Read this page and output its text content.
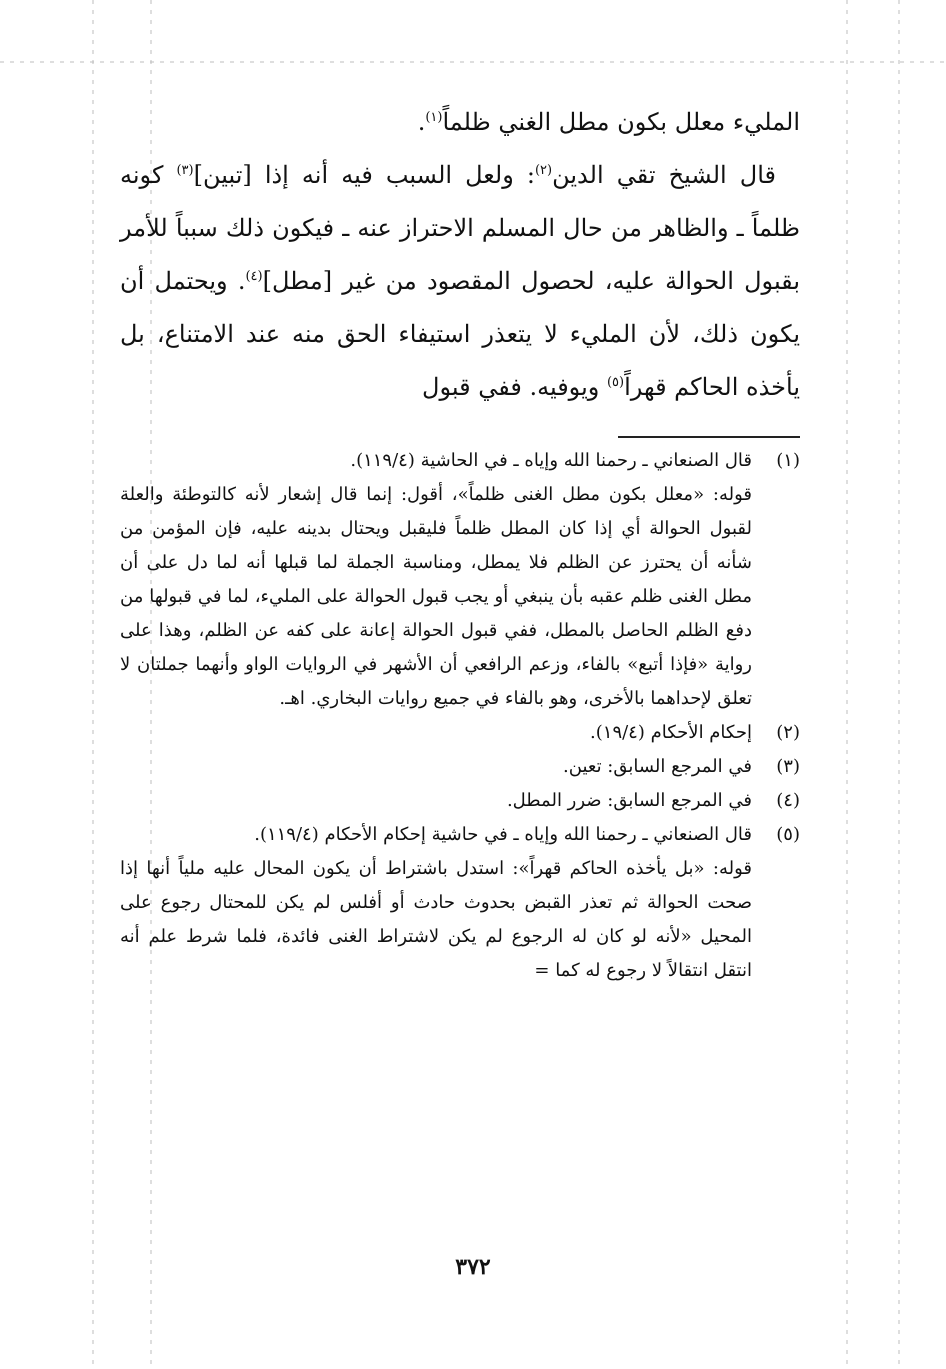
المليء معلل بكون مطل الغني ظلماً$^{(١)}$.

قال الشيخ تقي الدين$^{(٢)}$: ولعل السبب فيه أنه إذا [تبين]$^{(٣)}$ كونه ظلماً ـ والظاهر من حال المسلم الاحتراز عنه ـ فيكون ذلك سبباً للأمر بقبول الحوالة عليه، لحصول المقصود من غير [مطل]$^{(٤)}$. ويحتمل أن يكون ذلك، لأن المليء لا يتعذر استيفاء الحق منه عند الامتناع، بل يأخذه الحاكم قهراً$^{(٥)}$ ويوفيه. ففي قبول

(١)

قال الصنعاني ـ رحمنا الله وإياه ـ في الحاشية (١١٩/٤).

قوله: «معلل بكون مطل الغنى ظلماً»، أقول: إنما قال إشعار لأنه كالتوطئة والعلة لقبول الحوالة أي إذا كان المطل ظلماً فليقبل ويحتال بدينه عليه، فإن المؤمن من شأنه أن يحترز عن الظلم فلا يمطل، ومناسبة الجملة لما قبلها أنه لما دل على أن مطل الغنى ظلم عقبه بأن ينبغي أو يجب قبول الحوالة على المليء، لما في قبولها من دفع الظلم الحاصل بالمطل، ففي قبول الحوالة إعانة على كفه عن الظلم، وهذا على رواية «فإذا أتبع» بالفاء، وزعم الرافعي أن الأشهر في الروايات الواو وأنهما جملتان لا تعلق لإحداهما بالأخرى، وهو بالفاء في جميع روايات البخاري. اهـ.

(٢)

إحكام الأحكام (١٩/٤).

(٣)

في المرجع السابق: تعين.

(٤)

في المرجع السابق: ضرر المطل.

(٥)

قال الصنعاني ـ رحمنا الله وإياه ـ في حاشية إحكام الأحكام (١١٩/٤).

قوله: «بل يأخذه الحاكم قهراً»: استدل باشتراط أن يكون المحال عليه ملياً أنها إذا صحت الحوالة ثم تعذر القبض بحدوث حادث أو أفلس لم يكن للمحتال رجوع على المحيل «لأنه لو كان له الرجوع لم يكن لاشتراط الغنى فائدة، فلما شرط علم أنه انتقل انتقالاً لا رجوع له كما =

٣٧٢
